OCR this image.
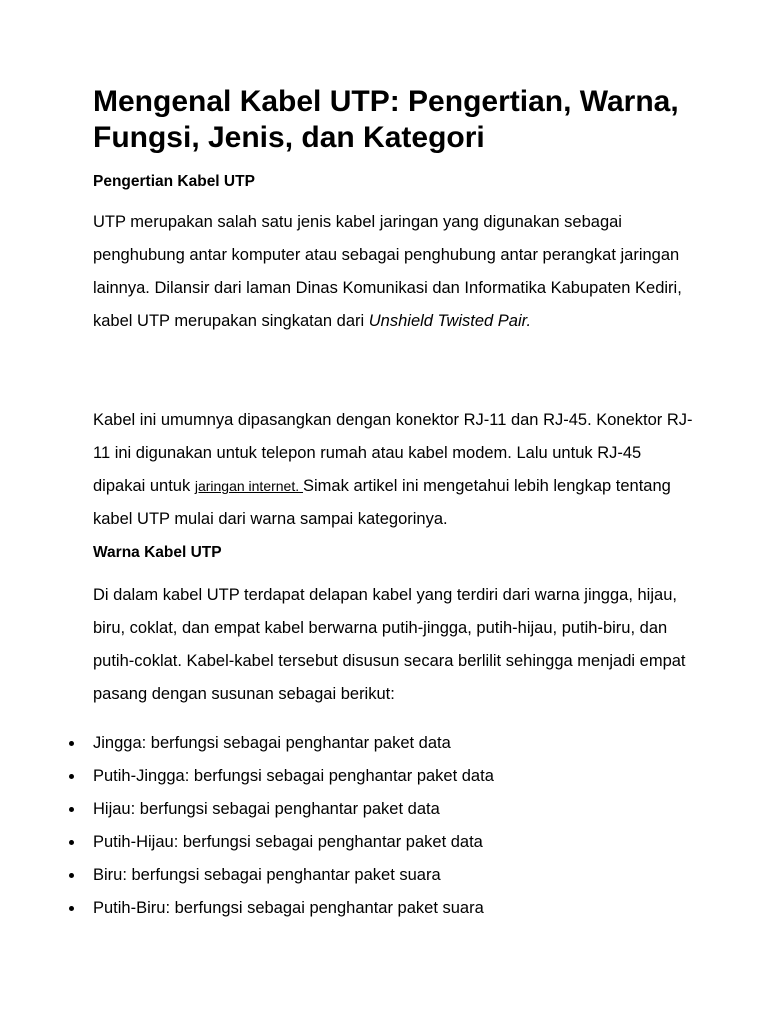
Mengenal Kabel UTP: Pengertian, Warna, Fungsi, Jenis, dan Kategori
Pengertian Kabel UTP

UTP merupakan salah satu jenis kabel jaringan yang digunakan sebagai penghubung antar komputer atau sebagai penghubung antar perangkat jaringan lainnya. Dilansir dari laman Dinas Komunikasi dan Informatika Kabupaten Kediri, kabel UTP merupakan singkatan dari Unshield Twisted Pair.

Kabel ini umumnya dipasangkan dengan konektor RJ-11 dan RJ-45. Konektor RJ-11 ini digunakan untuk telepon rumah atau kabel modem. Lalu untuk RJ-45 dipakai untuk jaringan internet. Simak artikel ini mengetahui lebih lengkap tentang kabel UTP mulai dari warna sampai kategorinya.

Warna Kabel UTP

Di dalam kabel UTP terdapat delapan kabel yang terdiri dari warna jingga, hijau, biru, coklat, dan empat kabel berwarna putih-jingga, putih-hijau, putih-biru, dan putih-coklat. Kabel-kabel tersebut disusun secara berlilit sehingga menjadi empat pasang dengan susunan sebagai berikut:

Jingga: berfungsi sebagai penghantar paket data
Putih-Jingga: berfungsi sebagai penghantar paket data
Hijau: berfungsi sebagai penghantar paket data
Putih-Hijau: berfungsi sebagai penghantar paket data
Biru: berfungsi sebagai penghantar paket suara
Putih-Biru: berfungsi sebagai penghantar paket suara
